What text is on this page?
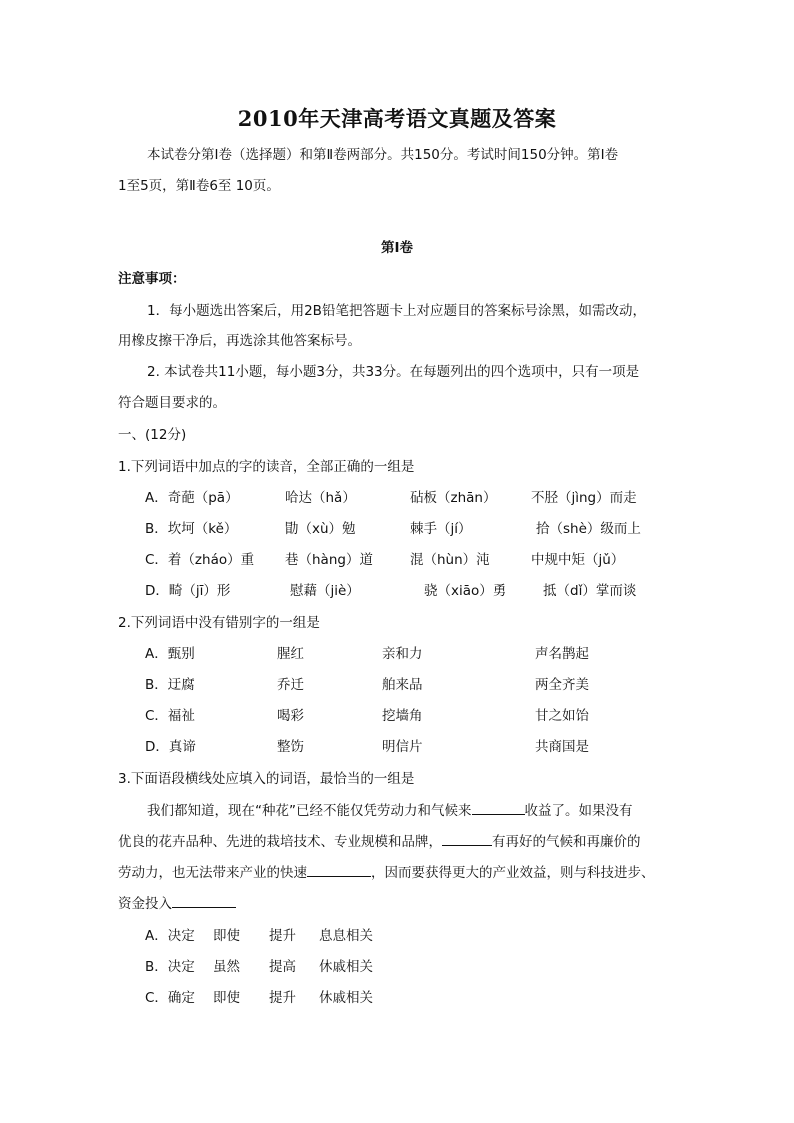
2010年天津高考语文真题及答案
本试卷分第Ⅰ卷（选择题）和第Ⅱ卷两部分。共150分。考试时间150分钟。第Ⅰ卷
1至5页，第Ⅱ卷6至 10页。
第Ⅰ卷
注意事项：
1．每小题选出答案后，用2B铅笔把答题卡上对应题目的答案标号涂黑，如需改动，
用橡皮擦干净后，再选涂其他答案标号。
2. 本试卷共11小题，每小题3分，共33分。在每题列出的四个选项中，只有一项是
符合题目要求的。
一、(12分)
1.下列词语中加点的字的读音，全部正确的一组是
A．奇葩（pā）	哈达（hǎ）	砧板（zhān）	不胫（jìng）而走
B．坎坷（kě）	勖（xù）勉	棘手（jí）	拾（shè）级而上
C．着（zháo）重 巷（hàng）道	混（hùn）沌	中规中矩（jǔ）
D．畸（jī）形	慰藉（jiè）	骁（xiāo）勇	抵（dǐ）掌而谈
2.下列词语中没有错别字的一组是
A．甄别	腥红	亲和力	声名鹊起
B．迂腐	乔迁	舶来品	两全齐美
C．福祉	喝彩	挖墙角	甘之如饴
D．真谛	整饬	明信片	共商国是
3.下面语段横线处应填入的词语，最恰当的一组是
我们都知道，现在“种花”已经不能仅凭劳动力和气候来	收益了。如果没有
优良的花卉品种、先进的栽培技术、专业规模和品牌，	有再好的气候和再廉价的
劳动力，也无法带来产业的快速	，因而要获得更大的产业效益，则与科技进步、
资金投入
A．决定 即使 提升 息息相关
B．决定 虽然 提高 休戚相关
C．确定 即使 提升 休戚相关
